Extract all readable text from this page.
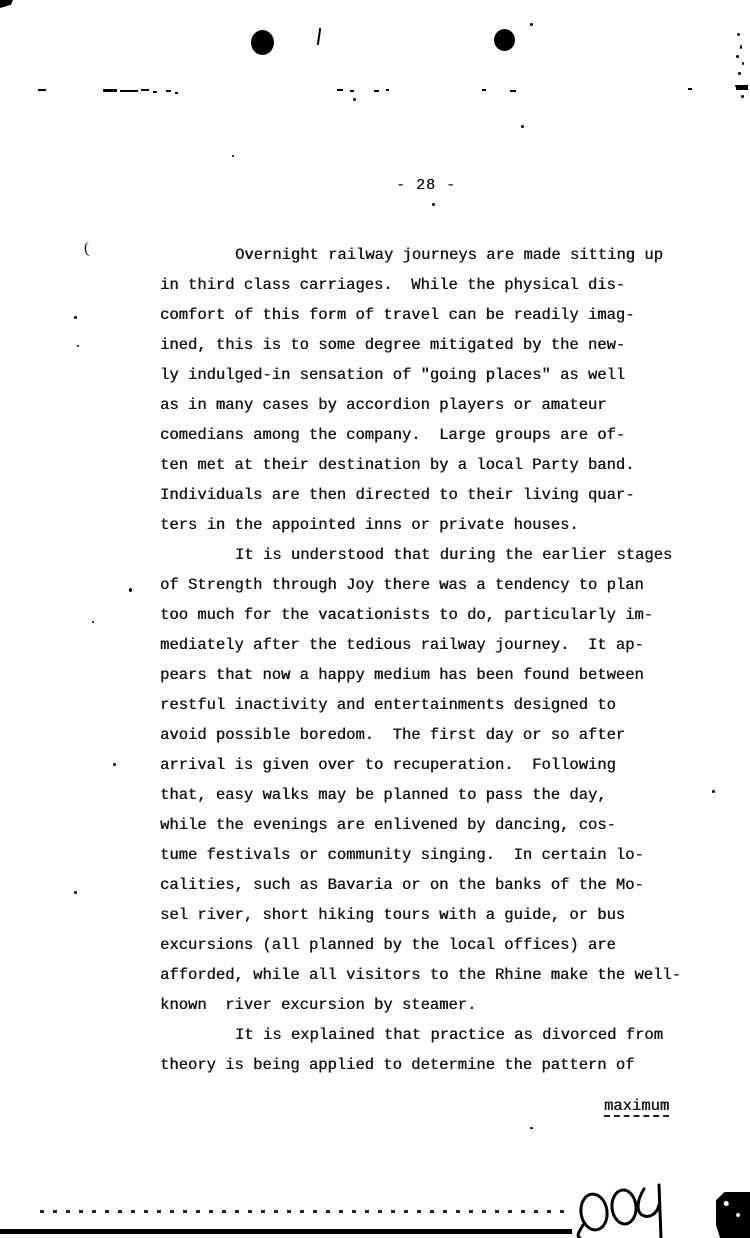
(
- 28 -
Overnight railway journeys are made sitting up
in third class carriages.  While the physical dis-
comfort of this form of travel can be readily imag-
ined, this is to some degree mitigated by the new-
ly indulged-in sensation of "going places" as well
as in many cases by accordion players or amateur
comedians among the company.  Large groups are of-
ten met at their destination by a local Party band.
Individuals are then directed to their living quar-
ters in the appointed inns or private houses.
It is understood that during the earlier stages
of Strength through Joy there was a tendency to plan
too much for the vacationists to do, particularly im-
mediately after the tedious railway journey.  It ap-
pears that now a happy medium has been found between
restful inactivity and entertainments designed to
avoid possible boredom.  The first day or so after
arrival is given over to recuperation.  Following
that, easy walks may be planned to pass the day,
while the evenings are enlivened by dancing, cos-
tume festivals or community singing.  In certain lo-
calities, such as Bavaria or on the banks of the Mo-
sel river, short hiking tours with a guide, or bus
excursions (all planned by the local offices) are
afforded, while all visitors to the Rhine make the well-
known  river excursion by steamer.
It is explained that practice as divorced from
theory is being applied to determine the pattern of
maximum
